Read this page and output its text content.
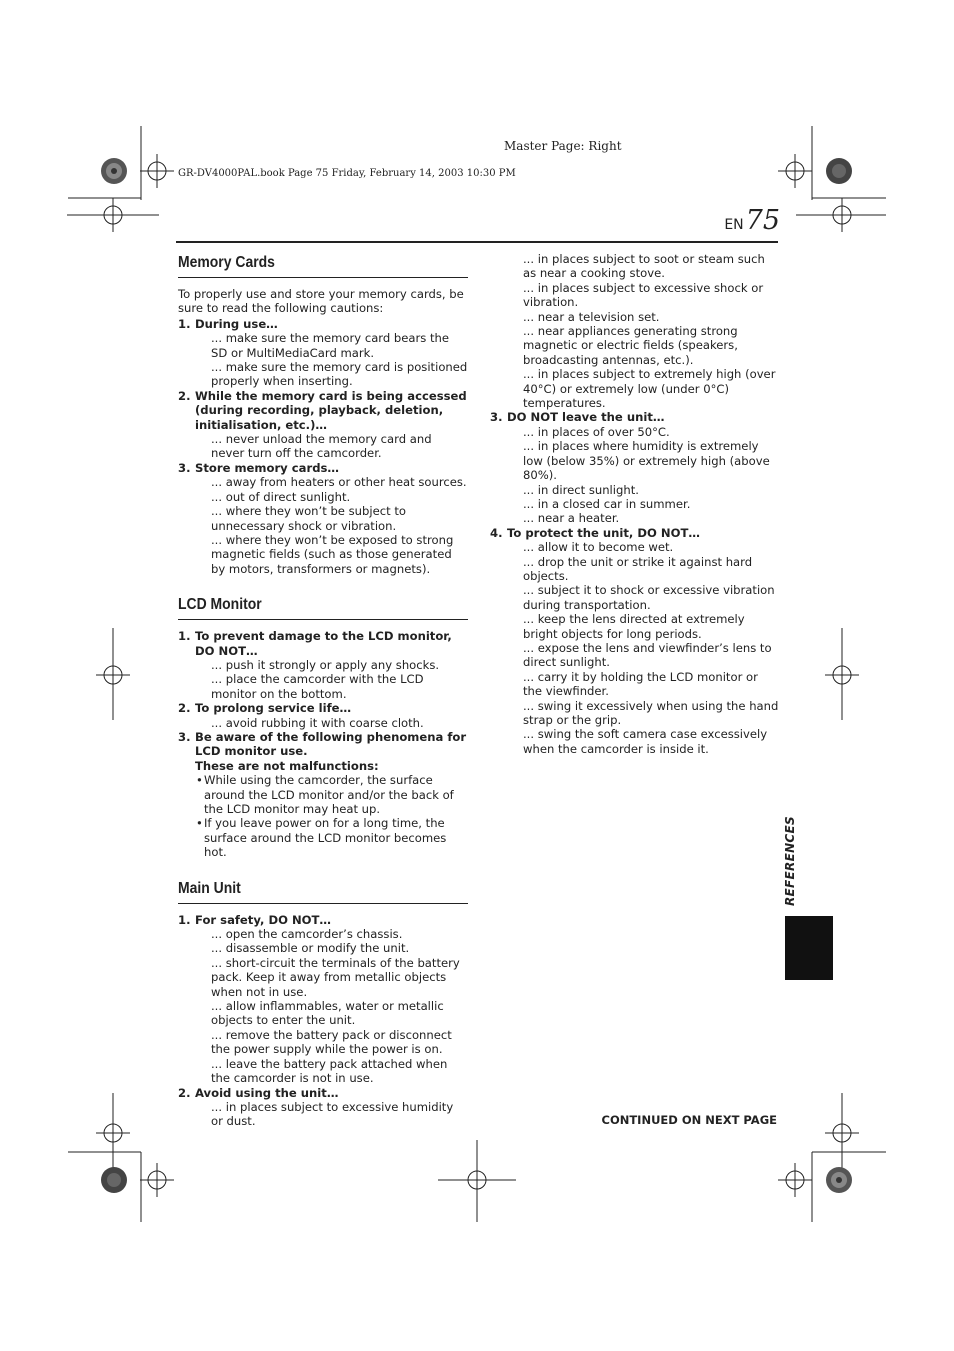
Master Page: Right
GR-DV4000PAL.book Page 75 Friday, February 14, 2003 10:30 PM
EN75
Memory Cards
To properly use and store your memory cards, be sure to read the following cautions:
1. During use…
... make sure the memory card bears the SD or MultiMediaCard mark.
... make sure the memory card is positioned properly when inserting.
2. While the memory card is being accessed (during recording, playback, deletion, initialisation, etc.)…
... never unload the memory card and never turn off the camcorder.
3. Store memory cards…
... away from heaters or other heat sources.
... out of direct sunlight.
... where they won’t be subject to unnecessary shock or vibration.
... where they won’t be exposed to strong magnetic fields (such as those generated by motors, transformers or magnets).
LCD Monitor
1. To prevent damage to the LCD monitor, DO NOT…
... push it strongly or apply any shocks.
... place the camcorder with the LCD monitor on the bottom.
2. To prolong service life…
... avoid rubbing it with coarse cloth.
3. Be aware of the following phenomena for LCD monitor use.
These are not malfunctions:
• While using the camcorder, the surface around the LCD monitor and/or the back of the LCD monitor may heat up.
• If you leave power on for a long time, the surface around the LCD monitor becomes hot.
Main Unit
1. For safety, DO NOT…
... open the camcorder’s chassis.
... disassemble or modify the unit.
... short-circuit the terminals of the battery pack. Keep it away from metallic objects when not in use.
... allow inflammables, water or metallic objects to enter the unit.
... remove the battery pack or disconnect the power supply while the power is on.
... leave the battery pack attached when the camcorder is not in use.
2. Avoid using the unit…
... in places subject to excessive humidity or dust.
... in places subject to soot or steam such as near a cooking stove.
... in places subject to excessive shock or vibration.
... near a television set.
... near appliances generating strong magnetic or electric fields (speakers, broadcasting antennas, etc.).
... in places subject to extremely high (over 40°C) or extremely low (under 0°C) temperatures.
3. DO NOT leave the unit…
... in places of over 50°C.
... in places where humidity is extremely low (below 35%) or extremely high (above 80%).
... in direct sunlight.
... in a closed car in summer.
... near a heater.
4. To protect the unit, DO NOT…
... allow it to become wet.
... drop the unit or strike it against hard objects.
... subject it to shock or excessive vibration during transportation.
... keep the lens directed at extremely bright objects for long periods.
... expose the lens and viewfinder’s lens to direct sunlight.
... carry it by holding the LCD monitor or the viewfinder.
... swing it excessively when using the hand strap or the grip.
... swing the soft camera case excessively when the camcorder is inside it.
CONTINUED ON NEXT PAGE
REFERENCES
